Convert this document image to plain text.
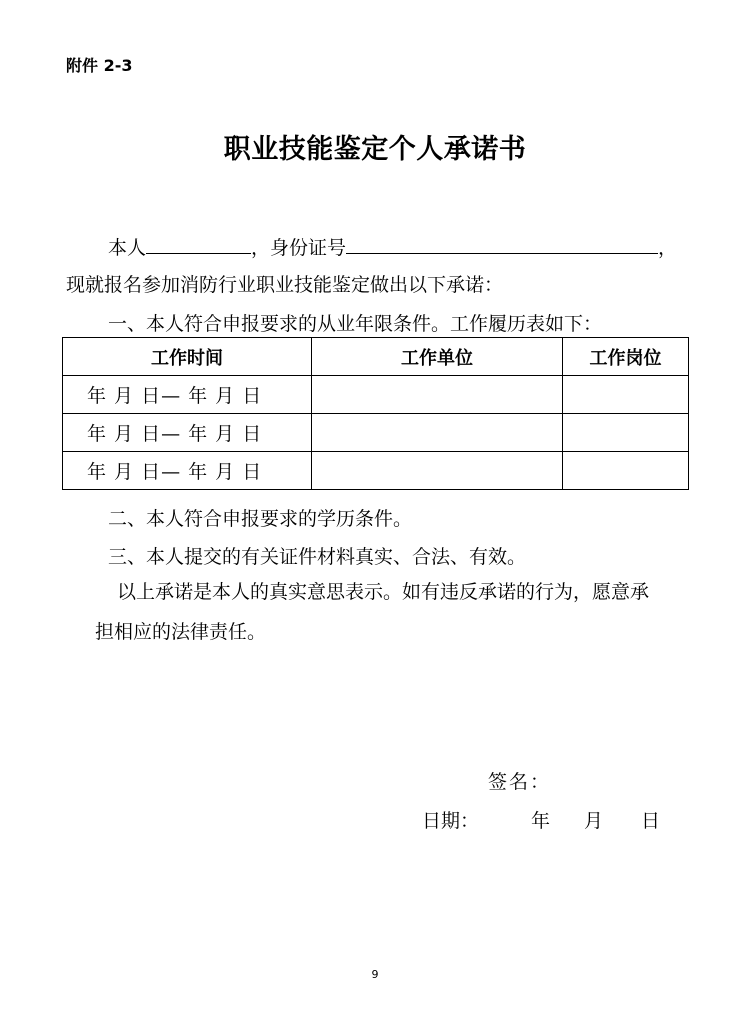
附件 2-3
职业技能鉴定个人承诺书
本人	，身份证号	，
现就报名参加消防行业职业技能鉴定做出以下承诺：
一、本人符合申报要求的从业年限条件。工作履历表如下：
工作时间	工作单位	工作岗位
年 月 日— 年 月 日		
年 月 日— 年 月 日		
年 月 日— 年 月 日		
二、本人符合申报要求的学历条件。
三、本人提交的有关证件材料真实、合法、有效。
以上承诺是本人的真实意思表示。如有违反承诺的行为，愿意承
担相应的法律责任。
签名：
日期：	年 月 日
9
